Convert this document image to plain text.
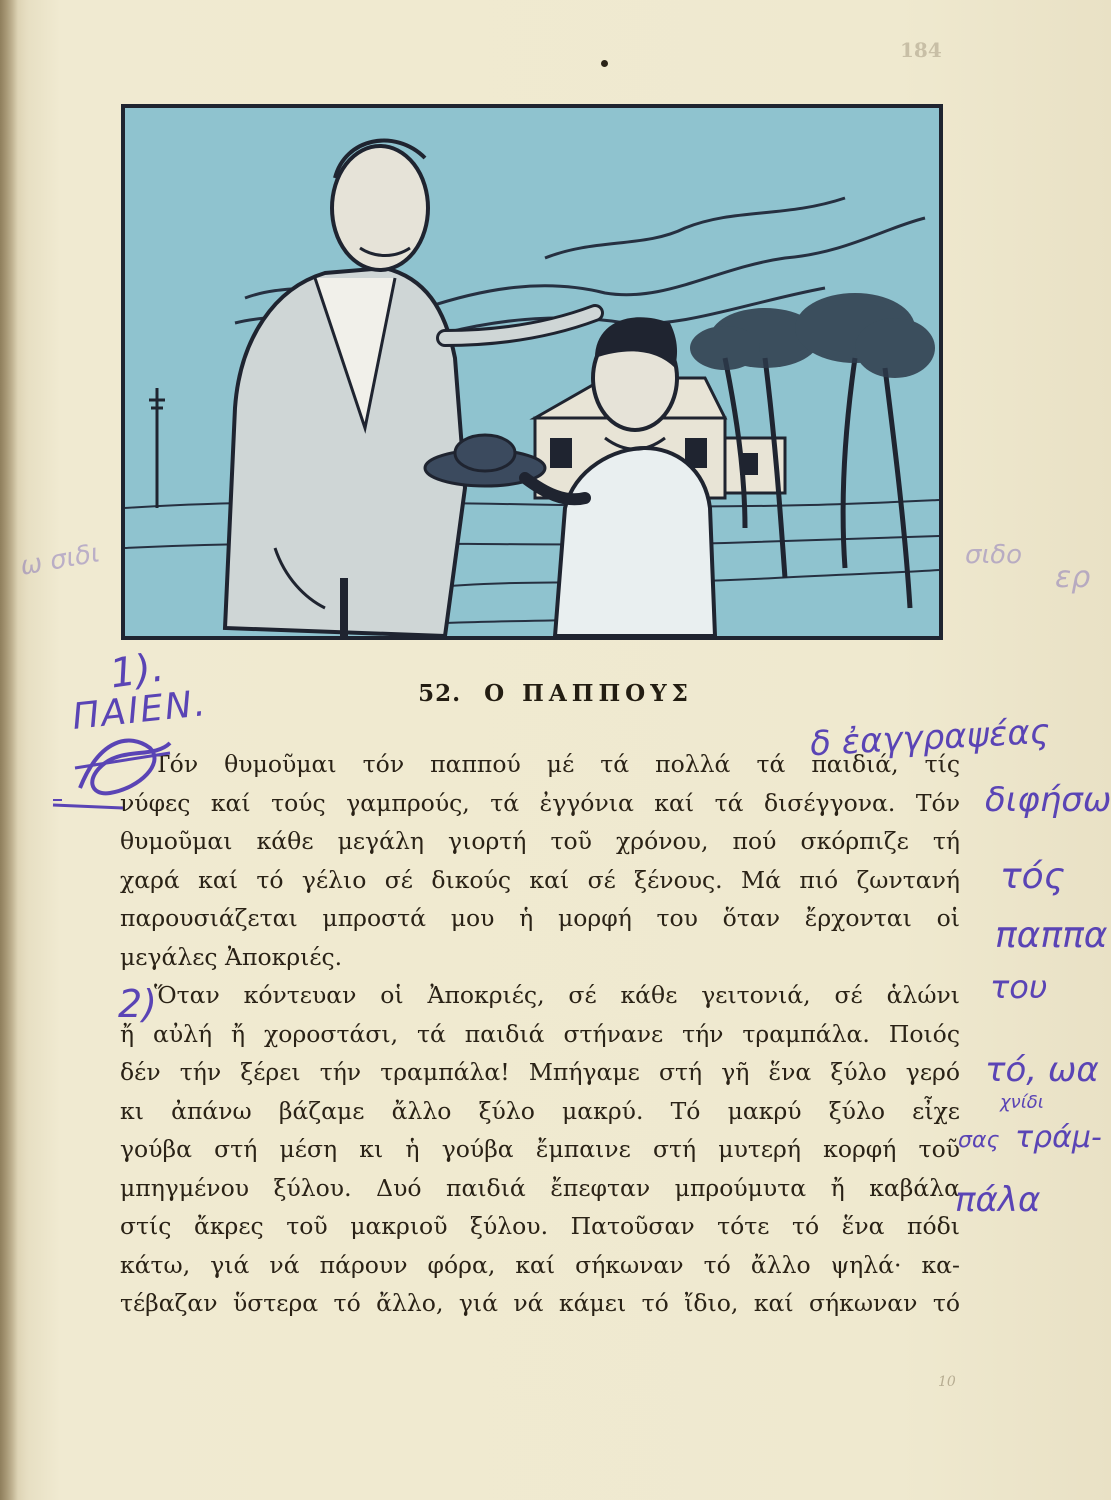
184
52. Ο ΠΑΠΠΟΥΣ
Τόν θυμοῦμαι τόν παππού μέ τά πολλά τά παιδιά, τίς
νύφες καί τούς γαμπρούς, τά ἐγγόνια καί τά δισέγγονα. Τόν
θυμοῦμαι κάθε μεγάλη γιορτή τοῦ χρόνου, πού σκόρπιζε τή
χαρά καί τό γέλιο σέ δικούς καί σέ ξένους. Μά πιό ζωντανή
παρουσιάζεται μπροστά μου ἡ μορφή του ὅταν ἔρχονται οἱ
μεγάλες Ἀποκριές.
Ὅταν κόντευαν οἱ Ἀποκριές, σέ κάθε γειτονιά, σέ ἁλώνι
ἤ αὐλή ἤ χοροστάσι, τά παιδιά στήνανε τήν τραμπάλα. Ποιός
δέν τήν ξέρει τήν τραμπάλα! Μπήγαμε στή γῆ ἕνα ξύλο γερό
κι ἀπάνω βάζαμε ἄλλο ξύλο μακρύ. Τό μακρύ ξύλο εἶχε
γούβα στή μέση κι ἡ γούβα ἔμπαινε στή μυτερή κορφή τοῦ
μπηγμένου ξύλου. Δυό παιδιά ἔπεφταν μπρούμυτα ἤ καβάλα
στίς ἄκρες τοῦ μακριοῦ ξύλου. Πατοῦσαν τότε τό ἕνα πόδι
κάτω, γιά νά πάρουν φόρα, καί σήκωναν τό ἄλλο ψηλά· κα-
τέβαζαν ὕστερα τό ἄλλο, γιά νά κάμει τό ἴδιο, καί σήκωναν τό
1).
ΠΑΙΕΝ.
2)
δ ἐαγγραψέας
διφήσω
τός
παππα
του
τό, ωα
χνίδι
σας τράμ-
πάλα
ω σιδι	σιδο
ερ
10
